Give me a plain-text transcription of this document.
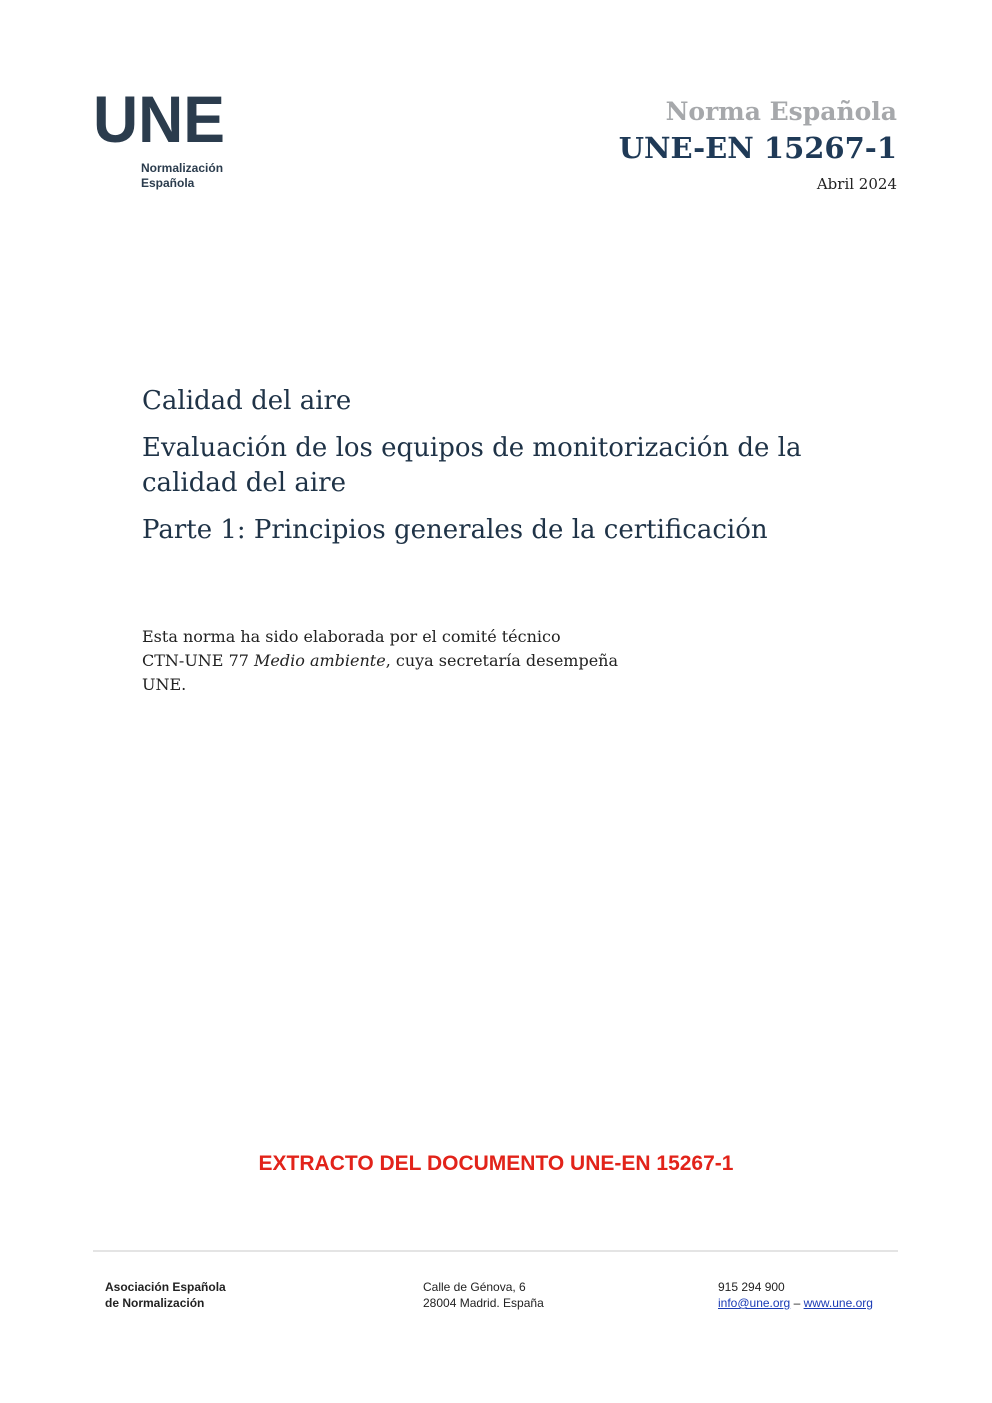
UNE
Normalización
Española
Norma Española
UNE-EN 15267-1
Abril 2024

Calidad del aire

Evaluación de los equipos de monitorización de la calidad del aire

Parte 1: Principios generales de la certificación

Esta norma ha sido elaborada por el comité técnico
CTN-UNE 77 Medio ambiente, cuya secretaría desempeña
UNE.
EXTRACTO DEL DOCUMENTO UNE-EN 15267-1
Asociación Española
de Normalización
Calle de Génova, 6
28004 Madrid. España
915 294 900
info@une.org – www.une.org
